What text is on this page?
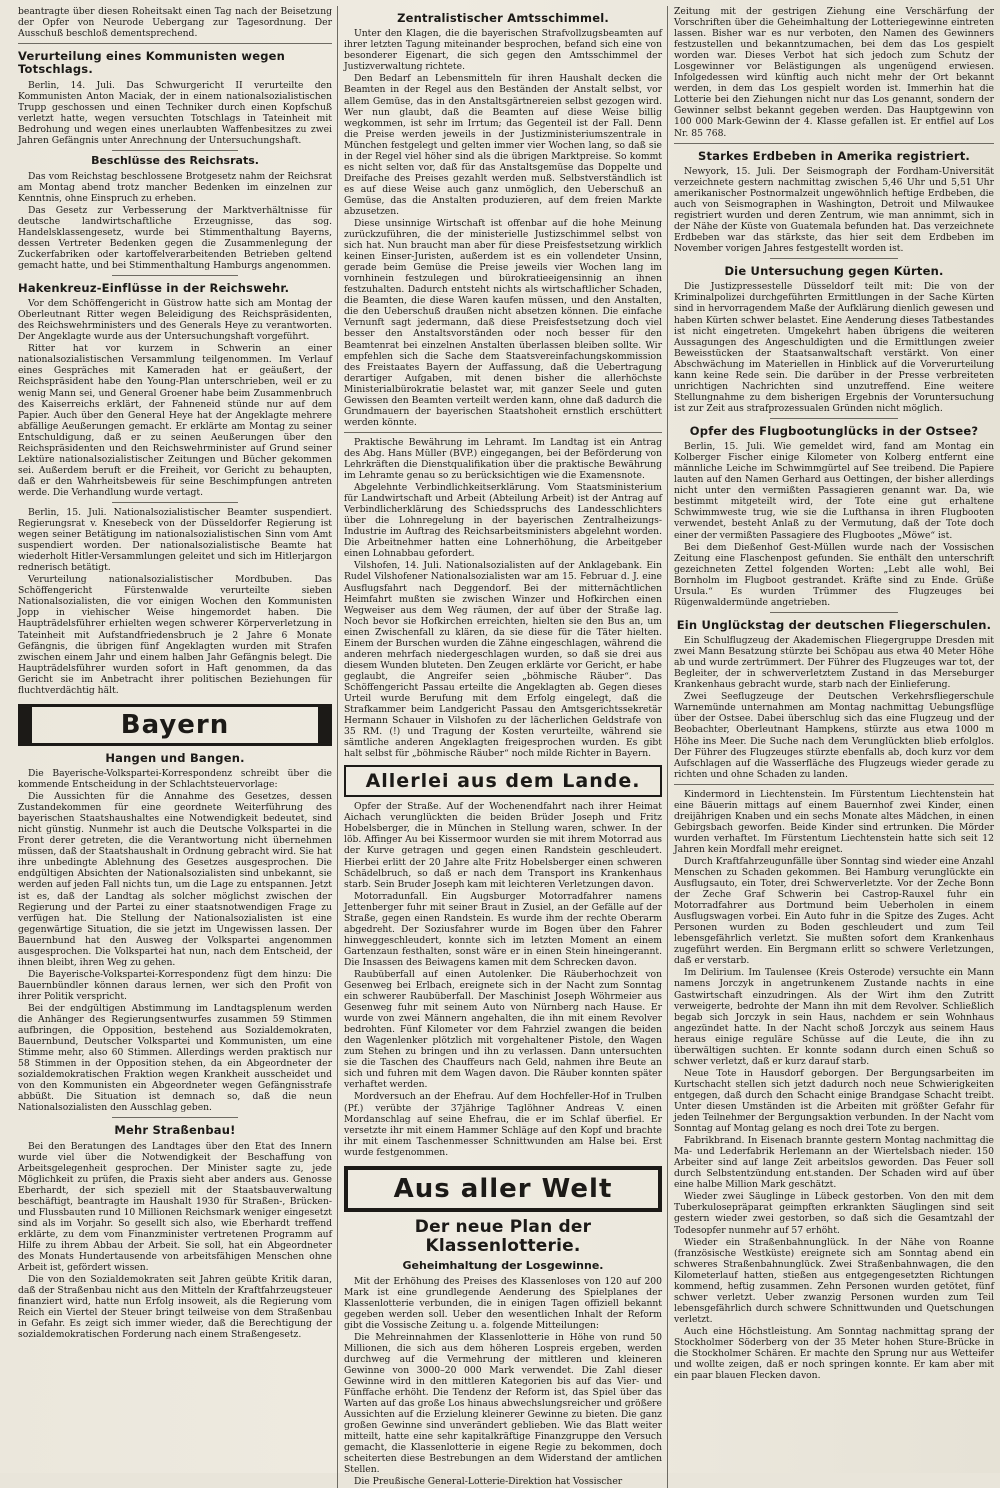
beantragte über diesen Roheitsakt einen Tag nach der Beisetzung der Opfer von Neurode Uebergang zur Tagesordnung. Der Ausschuß beschloß dementsprechend.

Verurteilung eines Kommunisten wegen Totschlags.

Berlin, 14. Juli. Das Schwurgericht II verurteilte den Kommunisten Anton Maciak, der in einem nationalsozialistischen Trupp geschossen und einen Techniker durch einen Kopfschuß verletzt hatte, wegen versuchten Totschlags in Tateinheit mit Bedrohung und wegen eines unerlaubten Waffenbesitzes zu zwei Jahren Gefängnis unter Anrechnung der Untersuchungshaft.

Beschlüsse des Reichsrats.

Das vom Reichstag beschlossene Brotgesetz nahm der Reichsrat am Montag abend trotz mancher Bedenken im einzelnen zur Kenntnis, ohne Einspruch zu erheben.

Das Gesetz zur Verbesserung der Marktverhältnisse für deutsche landwirtschaftliche Erzeugnisse, das sog. Handelsklassengesetz, wurde bei Stimmenthaltung Bayerns, dessen Vertreter Bedenken gegen die Zusammenlegung der Zuckerfabriken oder kartoffelverarbeitenden Betrieben geltend gemacht hatte, und bei Stimmenthaltung Hamburgs angenommen.

Hakenkreuz-Einflüsse in der Reichswehr.

Vor dem Schöffengericht in Güstrow hatte sich am Montag der Oberleutnant Ritter wegen Beleidigung des Reichspräsidenten, des Reichswehrministers und des Generals Heye zu verantworten. Der Angeklagte wurde aus der Untersuchungshaft vorgeführt.

Ritter hat vor kurzem in Schwerin an einer nationalsozialistischen Versammlung teilgenommen. Im Verlauf eines Gespräches mit Kameraden hat er geäußert, der Reichspräsident habe den Young-Plan unterschrieben, weil er zu wenig Mann sei, und General Groener habe beim Zusammenbruch des Kaiserreichs erklärt, der Fahneneid stünde nur auf dem Papier. Auch über den General Heye hat der Angeklagte mehrere abfällige Aeußerungen gemacht. Er erklärte am Montag zu seiner Entschuldigung, daß er zu seinen Aeußerungen über den Reichspräsidenten und den Reichswehrminister auf Grund seiner Lektüre nationalsozialistischer Zeitungen und Bücher gekommen sei. Außerdem beruft er die Freiheit, vor Gericht zu behaupten, daß er den Wahrheitsbeweis für seine Beschimpfungen antreten werde. Die Verhandlung wurde vertagt.

Berlin, 15. Juli. Nationalsozialistischer Beamter suspendiert. Regierungsrat v. Knesebeck von der Düsseldorfer Regierung ist wegen seiner Betätigung im nationalsozialistischen Sinn vom Amt suspendiert worden. Der nationalsozialistische Beamte hat wiederholt Hitler-Versammlungen geleitet und sich im Hitlerjargon rednerisch betätigt.

Verurteilung nationalsozialistischer Mordbuben. Das Schöffengericht Fürstenwalde verurteilte sieben Nationalsozialisten, die vor einigen Wochen den Kommunisten Jopp in viehischer Weise hingemordet haben. Die Haupträdelsführer erhielten wegen schwerer Körperverletzung in Tateinheit mit Aufstandfriedensbruch je 2 Jahre 6 Monate Gefängnis, die übrigen fünf Angeklagten wurden mit Strafen zwischen einem Jahr und einem halben Jahr Gefängnis belegt. Die Haupträdelsführer wurden sofort in Haft genommen, da das Gericht sie im Anbetracht ihrer politischen Beziehungen für fluchtverdächtig hält.

Bayern
Hangen und Bangen.

Die Bayerische-Volkspartei-Korrespondenz schreibt über die kommende Entscheidung in der Schlachtsteuervorlage:

Die Aussichten für die Annahme des Gesetzes, dessen Zustandekommen für eine geordnete Weiterführung des bayerischen Staatshaushaltes eine Notwendigkeit bedeutet, sind nicht günstig. Nunmehr ist auch die Deutsche Volkspartei in die Front derer getreten, die die Verantwortung nicht übernehmen müssen, daß der Staatshaushalt in Ordnung gebracht wird. Sie hat ihre unbedingte Ablehnung des Gesetzes ausgesprochen. Die endgültigen Absichten der Nationalsozialisten sind unbekannt, sie werden auf jeden Fall nichts tun, um die Lage zu entspannen. Jetzt ist es, daß der Landtag als solcher möglichst zwischen der Regierung und der Partei zu einer staatsnotwendigen Frage zu verfügen hat. Die Stellung der Nationalsozialisten ist eine gegenwärtige Situation, die sie jetzt im Ungewissen lassen. Der Bauernbund hat den Ausweg der Volkspartei angenommen ausgesprochen. Die Volkspartei hat nun, nach dem Entscheid, der ihnen bleibt, ihren Weg zu gehen.

Die Bayerische-Volkspartei-Korrespondenz fügt dem hinzu: Die Bauernbündler können daraus lernen, wer sich den Profit von ihrer Politik verspricht.

Bei der endgültigen Abstimmung im Landtagsplenum werden die Anhänger des Regierungsentwurfes zusammen 59 Stimmen aufbringen, die Opposition, bestehend aus Sozialdemokraten, Bauernbund, Deutscher Volkspartei und Kommunisten, um eine Stimme mehr, also 60 Stimmen. Allerdings werden praktisch nur 58 Stimmen in der Opposition stehen, da ein Abgeordneter der sozialdemokratischen Fraktion wegen Krankheit ausscheidet und von den Kommunisten ein Abgeordneter wegen Gefängnisstrafe abbüßt. Die Situation ist demnach so, daß die neun Nationalsozialisten den Ausschlag geben.

Mehr Straßenbau!

Bei den Beratungen des Landtages über den Etat des Innern wurde viel über die Notwendigkeit der Beschaffung von Arbeitsgelegenheit gesprochen. Der Minister sagte zu, jede Möglichkeit zu prüfen, die Praxis sieht aber anders aus. Genosse Eberhardt, der sich speziell mit der Staatsbauverwaltung beschäftigt, beantragte im Haushalt 1930 für Straßen-, Brücken- und Flussbauten rund 10 Millionen Reichsmark weniger eingesetzt sind als im Vorjahr. So gesellt sich also, wie Eberhardt treffend erklärte, zu dem vom Finanzminister vertretenen Programm auf Hilfe zu ihrem Abbau der Arbeit. Sie soll, hat ein Abgeordneter des Monats Hundertausende von arbeitsfähigen Menschen ohne Arbeit ist, gefördert wissen.

Die von den Sozialdemokraten seit Jahren geübte Kritik daran, daß der Straßenbau nicht aus den Mitteln der Kraftfahrzeugsteuer finanziert wird, hatte nun Erfolg insoweit, als die Regierung vom Reich ein Viertel der Steuer bringt teilweise von dem Straßenbau in Gefahr. Es zeigt sich immer wieder, daß die Berechtigung der sozialdemokratischen Forderung nach einem Straßengesetz.

Zentralistischer Amtsschimmel.

Unter den Klagen, die die bayerischen Strafvollzugsbeamten auf ihrer letzten Tagung miteinander besprochen, befand sich eine von besonderer Eigenart, die sich gegen den Amtsschimmel der Justizverwaltung richtete.

Den Bedarf an Lebensmitteln für ihren Haushalt decken die Beamten in der Regel aus den Beständen der Anstalt selbst, vor allem Gemüse, das in den Anstaltsgärtnereien selbst gezogen wird. Wer nun glaubt, daß die Beamten auf diese Weise billig wegkommen, ist sehr im Irrtum; das Gegenteil ist der Fall. Denn die Preise werden jeweils in der Justizministeriumszentrale in München festgelegt und gelten immer vier Wochen lang, so daß sie in der Regel viel höher sind als die übrigen Marktpreise. So kommt es nicht selten vor, daß für das Anstaltsgemüse das Doppelte und Dreifache des Preises gezahlt werden muß. Selbstverständlich ist es auf diese Weise auch ganz unmöglich, den Ueberschuß an Gemüse, das die Anstalten produzieren, auf dem freien Markte abzusetzen.

Diese unsinnige Wirtschaft ist offenbar auf die hohe Meinung zurückzuführen, die der ministerielle Justizschimmel selbst von sich hat. Nun braucht man aber für diese Preisfestsetzung wirklich keinen Einser-Juristen, außerdem ist es ein vollendeter Unsinn, gerade beim Gemüse die Preise jeweils vier Wochen lang im vornhinein festzulegen und bürokratieeigensinnig an ihnen festzuhalten. Dadurch entsteht nichts als wirtschaftlicher Schaden, die Beamten, die diese Waren kaufen müssen, und den Anstalten, die den Ueberschuß draußen nicht absetzen können. Die einfache Vernunft sagt jedermann, daß diese Preisfestsetzung doch viel besser den Anstaltsvorständen oder noch besser für den Beamtenrat bei einzelnen Anstalten überlassen bleiben sollte. Wir empfehlen sich die Sache dem Staatsvereinfachungskommission des Freistaates Bayern der Auffassung, daß die Uebertragung derartiger Aufgaben, mit denen bisher die allerhöchste Ministerialbürokratie belastet war, mit ganzer Seele und guten Gewissen den Beamten verteilt werden kann, ohne daß dadurch die Grundmauern der bayerischen Staatshoheit ernstlich erschüttert werden könnte.

Praktische Bewährung im Lehramt. Im Landtag ist ein Antrag des Abg. Hans Müller (BVP.) eingegangen, bei der Beförderung von Lehrkräften die Dienstqualifikation über die praktische Bewährung im Lehramte genau so zu berücksichtigen wie die Examensnote.

Abgelehnte Verbindlichkeitserklärung. Vom Staatsministerium für Landwirtschaft und Arbeit (Abteilung Arbeit) ist der Antrag auf Verbindlicherklärung des Schiedsspruchs des Landesschlichters über die Lohnregelung in der bayerischen Zentralheizungs-Industrie im Auftrag des Reichsarbeitsministers abgelehnt worden. Die Arbeitnehmer hatten eine Lohnerhöhung, die Arbeitgeber einen Lohnabbau gefordert.

Vilshofen, 14. Juli. Nationalsozialisten auf der Anklagebank. Ein Rudel Vilshofener Nationalsozialisten war am 15. Februar d. J. eine Ausflugsfahrt nach Deggendorf. Bei der mitternächtlichen Heimfahrt mußten sie zwischen Winzer und Hofkirchen einen Wegweiser aus dem Weg räumen, der auf über der Straße lag. Noch bevor sie Hofkirchen erreichten, hielten sie den Bus an, um einen Zwischenfall zu klären, da sie diese für die Täter hielten. Einem der Burschen wurden die Zähne eingeschlagen, während die anderen mehrfach niedergeschlagen wurden, so daß sie drei aus diesem Wunden bluteten. Den Zeugen erklärte vor Gericht, er habe geglaubt, die Angreifer seien „böhmische Räuber“. Das Schöffengericht Passau erteilte die Angeklagten ab. Gegen dieses Urteil wurde Berufung mit dem Erfolg eingelegt, daß die Strafkammer beim Landgericht Passau den Amtsgerichtssekretär Hermann Schauer in Vilshofen zu der lächerlichen Geldstrafe von 35 RM. (!) und Tragung der Kosten verurteilte, während sie sämtliche anderen Angeklagten freigesprochen wurden. Es gibt halt selbst für „böhmische Räuber“ noch milde Richter in Bayern.

Allerlei aus dem Lande.

Opfer der Straße. Auf der Wochenendfahrt nach ihrer Heimat Aichach verunglückten die beiden Brüder Joseph und Fritz Hobelsberger, die in München in Stellung waren, schwer. In der löb. Affinger Au bei Kissermoor wurden sie mit ihrem Motorrad aus der Kurve getragen und gegen einen Randstein geschleudert. Hierbei erlitt der 20 Jahre alte Fritz Hobelsberger einen schweren Schädelbruch, so daß er nach dem Transport ins Krankenhaus starb. Sein Bruder Joseph kam mit leichteren Verletzungen davon.

Motorradunfall. Ein Augsburger Motorradfahrer namens Jettenberger fuhr mit seiner Braut in Zusiel, an der Gefälle auf der Straße, gegen einen Randstein. Es wurde ihm der rechte Oberarm abgedreht. Der Soziusfahrer wurde im Bogen über den Fahrer hinweggeschleudert, konnte sich im letzten Moment an einem Gartenzaun festhalten, sonst wäre er in einen Stein hineingerannt. Die Insassen des Beiwagens kamen mit dem Schrecken davon.

Raubüberfall auf einen Autolenker. Die Räuberhochzeit von Gesenweg bei Erlbach, ereignete sich in der Nacht zum Sonntag ein schwerer Raubüberfall. Der Maschinist Joseph Wöhrmeier aus Gesenweg fuhr mit seinem Auto von Nürnberg nach Hause. Er wurde von zwei Männern angehalten, die ihn mit einem Revolver bedrohten. Fünf Kilometer vor dem Fahrziel zwangen die beiden den Wagenlenker plötzlich mit vorgehaltener Pistole, den Wagen zum Stehen zu bringen und ihn zu verlassen. Dann untersuchten sie die Taschen des Chauffeurs nach Geld, nahmen ihre Beute an sich und fuhren mit dem Wagen davon. Die Räuber konnten später verhaftet werden.

Mordversuch an der Ehefrau. Auf dem Hochfeller-Hof in Trulben (Pf.) verübte der 37jährige Taglöhner Andreas V. einen Mordanschlag auf seine Ehefrau, die er im Schlaf überfiel. Er versetzte ihr mit einem Hammer Schläge auf den Kopf und brachte ihr mit einem Taschenmesser Schnittwunden am Halse bei. Erst wurde festgenommen.

Aus aller Welt
Der neue Plan der Klassenlotterie.
Geheimhaltung der Losgewinne.

Mit der Erhöhung des Preises des Klassenloses von 120 auf 200 Mark ist eine grundlegende Aenderung des Spielplanes der Klassenlotterie verbunden, die in einigen Tagen offiziell bekannt gegeben werden soll. Ueber den wesentlichen Inhalt der Reform gibt die Vossische Zeitung u. a. folgende Mitteilungen:

Die Mehreinnahmen der Klassenlotterie in Höhe von rund 50 Millionen, die sich aus dem höheren Lospreis ergeben, werden durchweg auf die Vermehrung der mittleren und kleineren Gewinne von 3000–20 000 Mark verwendet. Die Zahl dieser Gewinne wird in den mittleren Kategorien bis auf das Vier- und Fünffache erhöht. Die Tendenz der Reform ist, das Spiel über das Warten auf das große Los hinaus abwechslungsreicher und größere Aussichten auf die Erzielung kleinerer Gewinne zu bieten. Die ganz großen Gewinne sind unverändert geblieben. Wie das Blatt weiter mitteilt, hatte eine sehr kapitalkräftige Finanzgruppe den Versuch gemacht, die Klassenlotterie in eigene Regie zu bekommen, doch scheiterten diese Bestrebungen an dem Widerstand der amtlichen Stellen.

Die Preußische General-Lotterie-Direktion hat Vossischer

Zeitung mit der gestrigen Ziehung eine Verschärfung der Vorschriften über die Geheimhaltung der Lotteriegewinne eintreten lassen. Bisher war es nur verboten, den Namen des Gewinners festzustellen und bekanntzumachen, bei dem das Los gespielt worden war. Dieses Verbot hat sich jedoch zum Schutz der Losgewinner vor Belästigungen als ungenügend erwiesen. Infolgedessen wird künftig auch nicht mehr der Ort bekannt werden, in dem das Los gespielt worden ist. Immerhin hat die Lotterie bei den Ziehungen nicht nur das Los genannt, sondern der Gewinner selbst bekannt gegeben werden. Das Hauptgewinn von 100 000 Mark-Gewinn der 4. Klasse gefallen ist. Er entfiel auf Los Nr. 85 768.

Starkes Erdbeben in Amerika registriert.

Newyork, 15. Juli. Der Seismograph der Fordham-Universität verzeichnete gestern nachmittag zwischen 5,46 Uhr und 5,51 Uhr amerikanischer Postnormalzeit ungewöhnlich heftige Erdbeben, die auch von Seismographen in Washington, Detroit und Milwaukee registriert wurden und deren Zentrum, wie man annimmt, sich in der Nähe der Küste von Guatemala befunden hat. Das verzeichnete Erdbeben war das stärkste, das hier seit dem Erdbeben im November vorigen Jahres festgestellt worden ist.

Die Untersuchung gegen Kürten.

Die Justizpressestelle Düsseldorf teilt mit: Die von der Kriminalpolizei durchgeführten Ermittlungen in der Sache Kürten sind in hervorragendem Maße der Aufklärung dienlich gewesen und haben Kürten schwer belastet. Eine Aenderung dieses Tatbestandes ist nicht eingetreten. Umgekehrt haben übrigens die weiteren Aussagungen des Angeschuldigten und die Ermittlungen zweier Beweisstücken der Staatsanwaltschaft verstärkt. Von einer Abschwächung im Materiellen in Hinblick auf die Vorverurteilung kann keine Rede sein. Die darüber in der Presse verbreiteten unrichtigen Nachrichten sind unzutreffend. Eine weitere Stellungnahme zu dem bisherigen Ergebnis der Voruntersuchung ist zur Zeit aus strafprozessualen Gründen nicht möglich.

Opfer des Flugbootunglücks in der Ostsee?

Berlin, 15. Juli. Wie gemeldet wird, fand am Montag ein Kolberger Fischer einige Kilometer von Kolberg entfernt eine männliche Leiche im Schwimmgürtel auf See treibend. Die Papiere lauten auf den Namen Gerhard aus Oettingen, der bisher allerdings nicht unter den vermißten Passagieren genannt war. Da, wie bestimmt mitgeteilt wird, der Tote eine gut erhaltene Schwimmweste trug, wie sie die Lufthansa in ihren Flugbooten verwendet, besteht Anlaß zu der Vermutung, daß der Tote doch einer der vermißten Passagiere des Flugbootes „Möwe“ ist.

Bei dem Dießenhof Gest-Müllen wurde nach der Vossischen Zeitung eine Flaschenpost gefunden. Sie enthält den unterschrift gezeichneten Zettel folgenden Worten: „Lebt alle wohl, Bei Bornholm im Flugboot gestrandet. Kräfte sind zu Ende. Grüße Ursula.“ Es wurden Trümmer des Flugzeuges bei Rügenwaldermünde angetrieben.

Ein Unglückstag der deutschen Fliegerschulen.

Ein Schulflugzeug der Akademischen Fliegergruppe Dresden mit zwei Mann Besatzung stürzte bei Schöpau aus etwa 40 Meter Höhe ab und wurde zertrümmert. Der Führer des Flugzeuges war tot, der Begleiter, der in schwerverletztem Zustand in das Merseburger Krankenhaus gebracht wurde, starb nach der Einlieferung.

Zwei Seeflugzeuge der Deutschen Verkehrsfliegerschule Warnemünde unternahmen am Montag nachmittag Uebungsflüge über der Ostsee. Dabei überschlug sich das eine Flugzeug und der Beobachter, Oberleutnant Hampkens, stürzte aus etwa 1000 m Höhe ins Meer. Die Suche nach dem Verunglückten blieb erfolglos. Der Führer des Flugzeuges stürzte ebenfalls ab, doch kurz vor dem Aufschlagen auf die Wasserfläche des Flugzeugs wieder gerade zu richten und ohne Schaden zu landen.

Kindermord in Liechtenstein. Im Fürstentum Liechtenstein hat eine Bäuerin mittags auf einem Bauernhof zwei Kinder, einen dreijährigen Knaben und ein sechs Monate altes Mädchen, in einen Gebirgsbach geworfen. Beide Kinder sind ertrunken. Die Mörder wurden verhaftet. Im Fürstentum Liechtenstein hatte sich seit 12 Jahren kein Mordfall mehr ereignet.

Durch Kraftfahrzeugunfälle über Sonntag sind wieder eine Anzahl Menschen zu Schaden gekommen. Bei Hamburg verunglückte ein Ausflugsauto, ein Toter, drei Schwerverletzte. Vor der Zeche Bonn der Zeche Graf Schwerin bei Castrop-Rauxel fuhr ein Motorradfahrer aus Dortmund beim Ueberholen in einem Ausflugswagen vorbei. Ein Auto fuhr in die Spitze des Zuges. Acht Personen wurden zu Boden geschleudert und zum Teil lebensgefährlich verletzt. Sie mußten sofort dem Krankenhaus zugeführt werden. Ein Bergmann erlitt so schwere Verletzungen, daß er verstarb.

Im Delirium. Im Taulensee (Kreis Osterode) versuchte ein Mann namens Jorczyk in angetrunkenem Zustande nachts in eine Gastwirtschaft einzudringen. Als der Wirt ihm den Zutritt verweigerte, bedrohte der Mann ihn mit dem Revolver. Schließlich begab sich Jorczyk in sein Haus, nachdem er sein Wohnhaus angezündet hatte. In der Nacht schoß Jorczyk aus seinem Haus heraus einige reguläre Schüsse auf die Leute, die ihn zu überwältigen suchten. Er konnte sodann durch einen Schuß so schwer verletzt, daß er kurz darauf starb.

Neue Tote in Hausdorf geborgen. Der Bergungsarbeiten im Kurtschacht stellen sich jetzt dadurch noch neue Schwierigkeiten entgegen, daß durch den Schacht einige Brandgase Schacht treibt. Unter diesen Umständen ist die Arbeiten mit größter Gefahr für jeden Teilnehmer der Bergungsaktion verbunden. In der Nacht vom Sonntag auf Montag gelang es noch drei Tote zu bergen.

Fabrikbrand. In Eisenach brannte gestern Montag nachmittag die Ma- und Lederfabrik Herlemann an der Wiertelsbach nieder. 150 Arbeiter sind auf lange Zeit arbeitslos geworden. Das Feuer soll durch Selbstentzündung ent.standen. Der Schaden wird auf über eine halbe Million Mark geschätzt.

Wieder zwei Säuglinge in Lübeck gestorben. Von den mit dem Tuberkulosepräparat geimpften erkrankten Säuglingen sind seit gestern wieder zwei gestorben, so daß sich die Gesamtzahl der Todesopfer nunmehr auf 57 erhöht.

Wieder ein Straßenbahnunglück. In der Nähe von Roanne (französische Westküste) ereignete sich am Sonntag abend ein schweres Straßenbahnunglück. Zwei Straßenbahnwagen, die den Kilometerlauf hatten, stießen aus entgegengesetzten Richtungen kommend, heftig zusammen. Zehn Personen wurden getötet, fünf schwer verletzt. Ueber zwanzig Personen wurden zum Teil lebensgefährlich durch schwere Schnittwunden und Quetschungen verletzt.

Auch eine Höchstleistung. Am Sonntag nachmittag sprang der Stockholmer Söderberg von der 35 Meter hohen Sture-Brücke in die Stockholmer Schären. Er machte den Sprung nur aus Wetteifer und wollte zeigen, daß er noch springen konnte. Er kam aber mit ein paar blauen Flecken davon.
